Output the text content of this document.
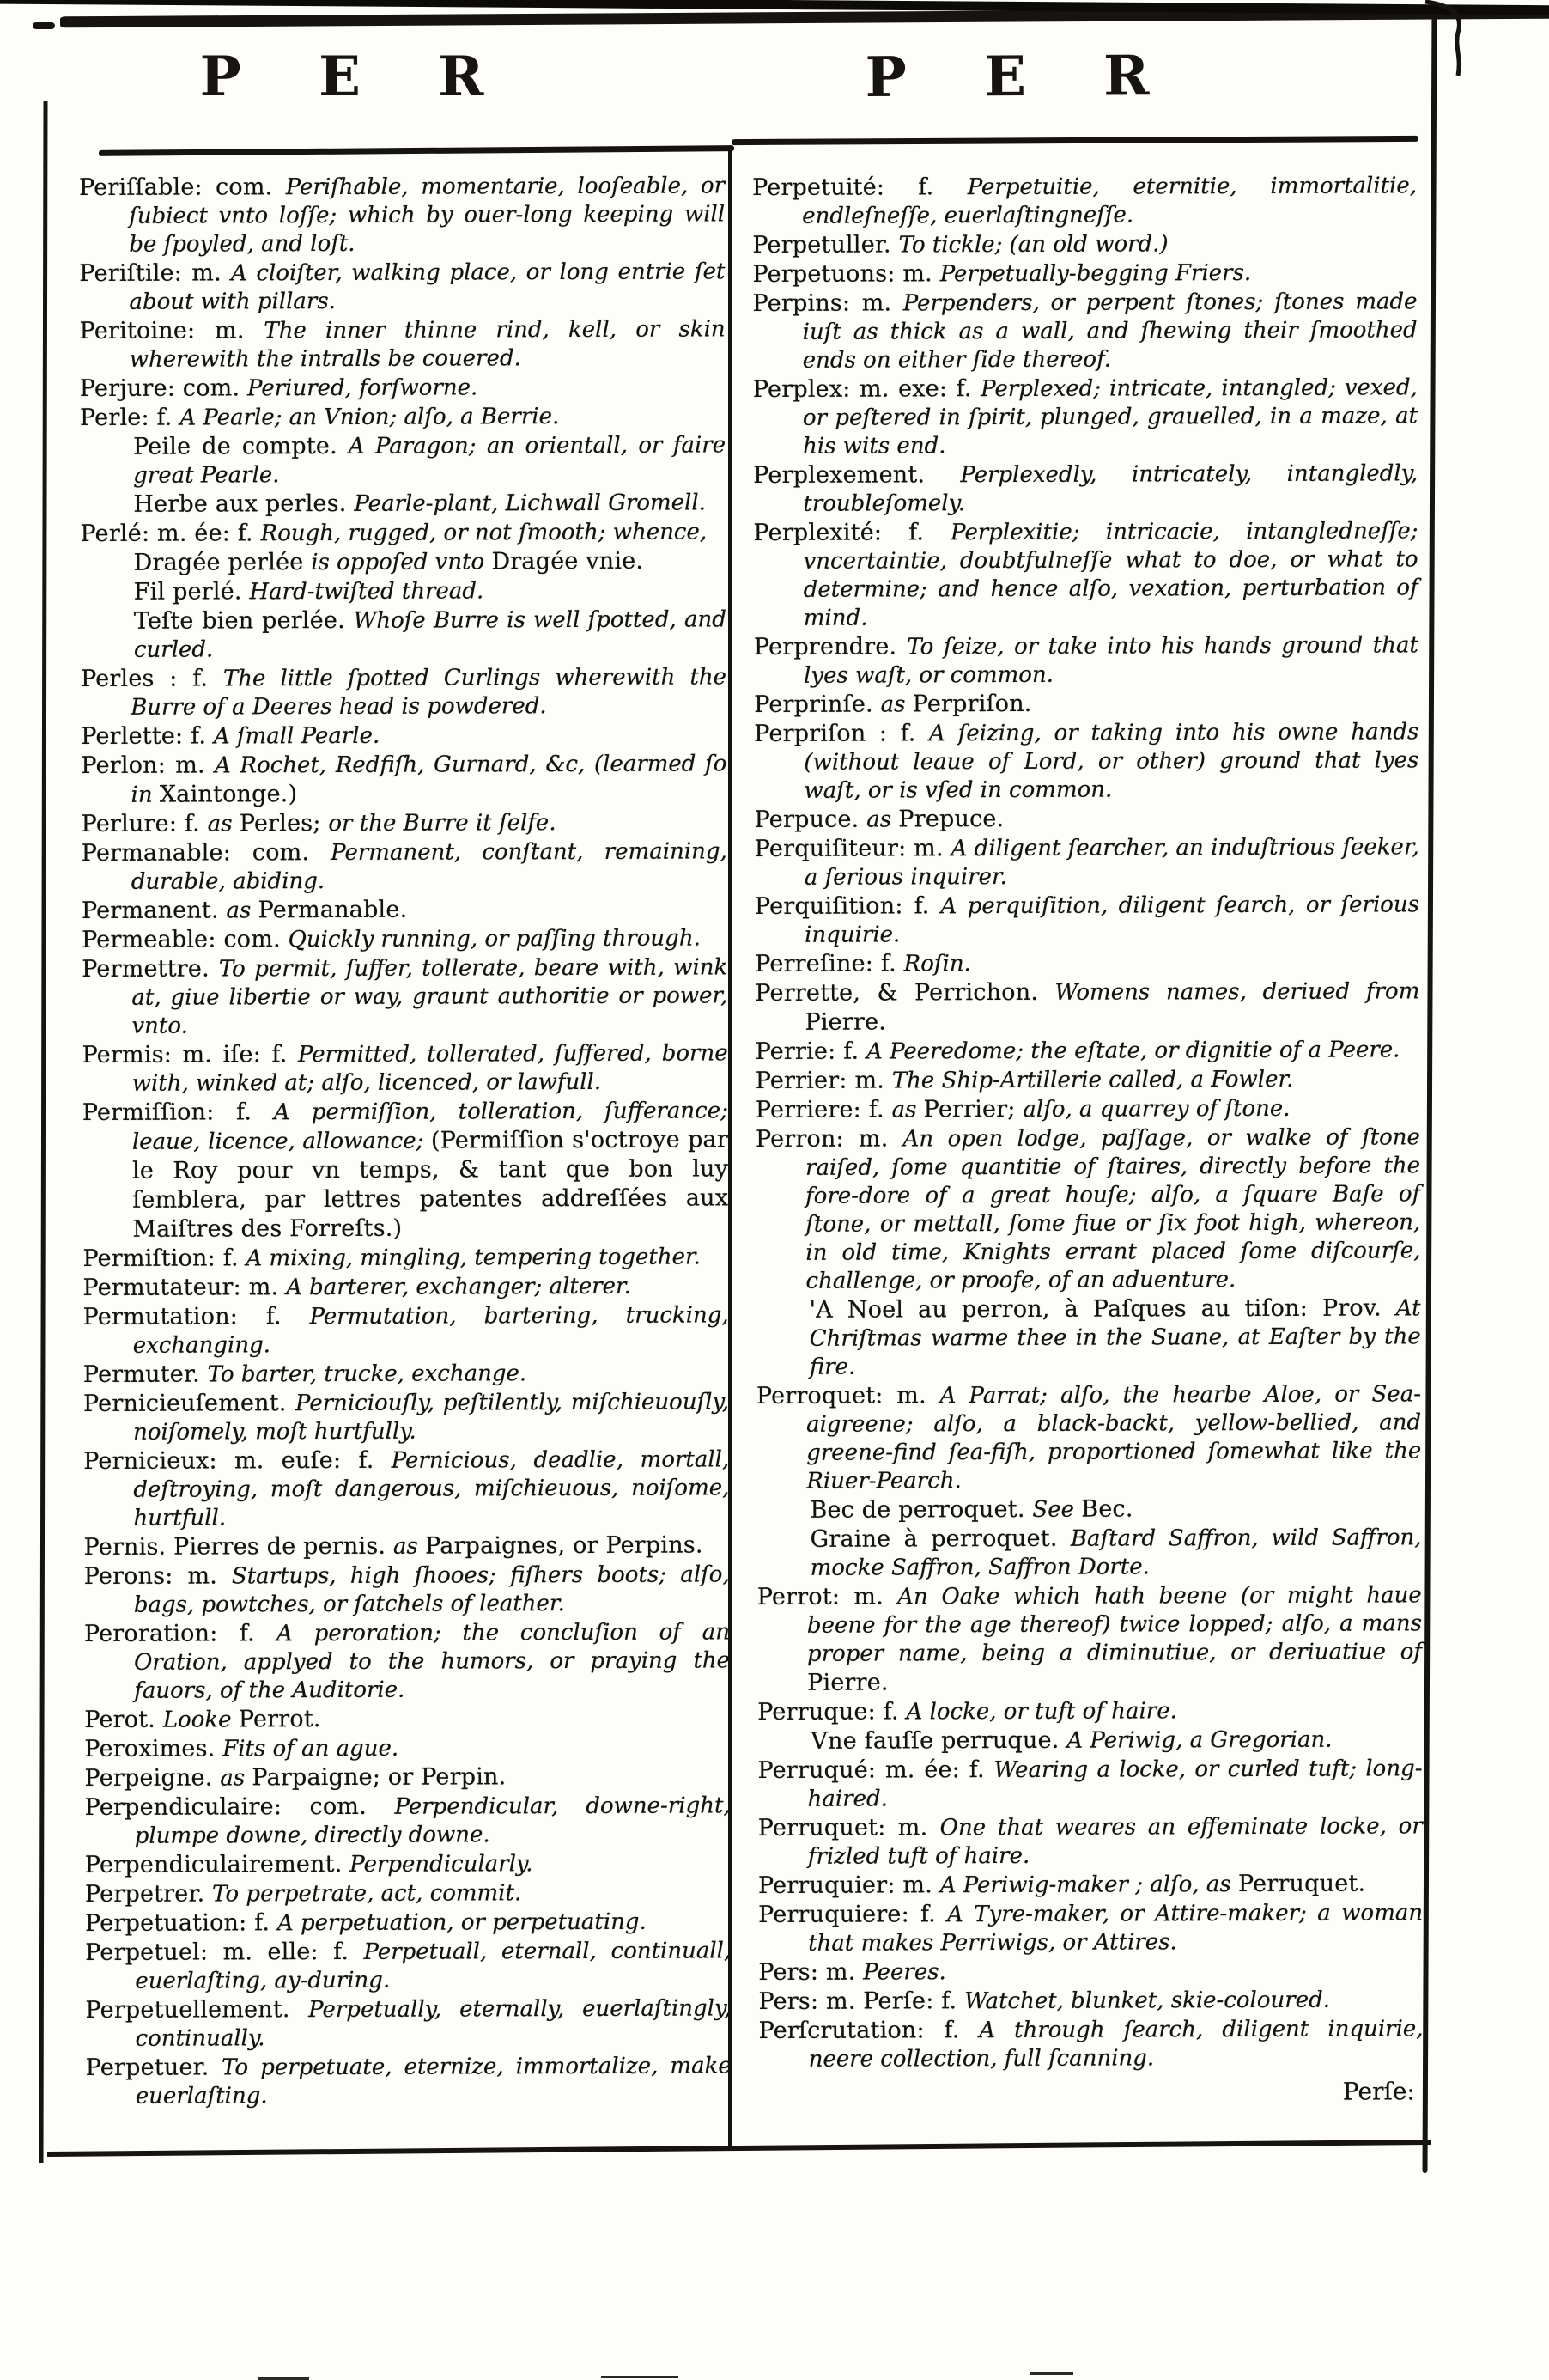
P E R	P E R
Periſſable: com. Periſhable, momentarie, looſeable, or ſubiect vnto loſſe; which by ouer-long keeping will be ſpoyled, and loſt.
Periſtile: m. A cloiſter, walking place, or long entrie ſet about with pillars.
Peritoine: m. The inner thinne rind, kell, or skin wherewith the intralls be couered.
Perjure: com. Periured, forſworne.
Perle: f. A Pearle; an Vnion; alſo, a Berrie.
Peile de compte. A Paragon; an orientall, or faire great Pearle.
Herbe aux perles. Pearle-plant, Lichwall Gromell.
Perlé: m. ée: f. Rough, rugged, or not ſmooth; whence,
Dragée perlée is oppoſed vnto Dragée vnie.
Fil perlé. Hard-twiſted thread.
Teſte bien perlée. Whoſe Burre is well ſpotted, and curled.
Perles : f. The little ſpotted Curlings wherewith the Burre of a Deeres head is powdered.
Perlette: f. A ſmall Pearle.
Perlon: m. A Rochet, Redfiſh, Gurnard, &c, (learmed ſo in Xaintonge.)
Perlure: f. as Perles; or the Burre it ſelfe.
Permanable: com. Permanent, conſtant, remaining, durable, abiding.
Permanent. as Permanable.
Permeable: com. Quickly running, or paſſing through.
Permettre. To permit, ſuffer, tollerate, beare with, wink at, giue libertie or way, graunt authoritie or power, vnto.
Permis: m. iſe: f. Permitted, tollerated, ſuffered, borne with, winked at; alſo, licenced, or lawfull.
Permiſſion: f. A permiſſion, tolleration, ſufferance; leaue, licence, allowance; (Permiſſion s'octroye par le Roy pour vn temps, & tant que bon luy ſemblera, par lettres patentes addreſſées aux Maiſtres des Forreſts.)
Permiſtion: f. A mixing, mingling, tempering together.
Permutateur: m. A barterer, exchanger; alterer.
Permutation: f. Permutation, bartering, trucking, exchanging.
Permuter. To barter, trucke, exchange.
Pernicieuſement. Perniciouſly, peſtilently, miſchieuouſly, noiſomely, moſt hurtfully.
Pernicieux: m. euſe: f. Pernicious, deadlie, mortall, deſtroying, moſt dangerous, miſchieuous, noiſome, hurtfull.
Pernis. Pierres de pernis. as Parpaignes, or Perpins.
Perons: m. Startups, high ſhooes; fiſhers boots; alſo, bags, powtches, or ſatchels of leather.
Peroration: f. A peroration; the concluſion of an Oration, applyed to the humors, or praying the fauors, of the Auditorie.
Perot. Looke Perrot.
Peroximes. Fits of an ague.
Perpeigne. as Parpaigne; or Perpin.
Perpendiculaire: com. Perpendicular, downe-right, plumpe downe, directly downe.
Perpendiculairement. Perpendicularly.
Perpetrer. To perpetrate, act, commit.
Perpetuation: f. A perpetuation, or perpetuating.
Perpetuel: m. elle: f. Perpetuall, eternall, continuall, euerlaſting, ay-during.
Perpetuellement. Perpetually, eternally, euerlaſtingly, continually.
Perpetuer. To perpetuate, eternize, immortalize, make euerlaſting.
Perpetuité: f. Perpetuitie, eternitie, immortalitie, endleſneſſe, euerlaſtingneſſe.
Perpetuller. To tickle; (an old word.)
Perpetuons: m. Perpetually-begging Friers.
Perpins: m. Perpenders, or perpent ſtones; ſtones made iuſt as thick as a wall, and ſhewing their ſmoothed ends on either ſide thereof.
Perplex: m. exe: f. Perplexed; intricate, intangled; vexed, or peſtered in ſpirit, plunged, grauelled, in a maze, at his wits end.
Perplexement. Perplexedly, intricately, intangledly, troubleſomely.
Perplexité: f. Perplexitie; intricacie, intangledneſſe; vncertaintie, doubtfulneſſe what to doe, or what to determine; and hence alſo, vexation, perturbation of mind.
Perprendre. To ſeize, or take into his hands ground that lyes waſt, or common.
Perprinſe. as Perpriſon.
Perpriſon : f. A ſeizing, or taking into his owne hands (without leaue of Lord, or other) ground that lyes waſt, or is vſed in common.
Perpuce. as Prepuce.
Perquiſiteur: m. A diligent ſearcher, an induſtrious ſeeker, a ſerious inquirer.
Perquiſition: f. A perquiſition, diligent ſearch, or ſerious inquirie.
Perreſine: f. Roſin.
Perrette, & Perrichon. Womens names, deriued from Pierre.
Perrie: f. A Peeredome; the eſtate, or dignitie of a Peere.
Perrier: m. The Ship-Artillerie called, a Fowler.
Perriere: f. as Perrier; alſo, a quarrey of ſtone.
Perron: m. An open lodge, paſſage, or walke of ſtone raiſed, ſome quantitie of ſtaires, directly before the fore-dore of a great houſe; alſo, a ſquare Baſe of ſtone, or mettall, ſome fiue or ſix foot high, whereon, in old time, Knights errant placed ſome diſcourſe, challenge, or proofe, of an aduenture.
'A Noel au perron, à Paſques au tiſon: Prov. At Chriſtmas warme thee in the Suane, at Eaſter by the fire.
Perroquet: m. A Parrat; alſo, the hearbe Aloe, or Sea-aigreene; alſo, a black-backt, yellow-bellied, and greene-find ſea-fiſh, proportioned ſomewhat like the Riuer-Pearch.
Bec de perroquet. See Bec.
Graine à perroquet. Baſtard Saffron, wild Saffron, mocke Saffron, Saffron Dorte.
Perrot: m. An Oake which hath beene (or might haue beene for the age thereof) twice lopped; alſo, a mans proper name, being a diminutiue, or deriuatiue of Pierre.
Perruque: f. A locke, or tuft of haire.
Vne fauſſe perruque. A Periwig, a Gregorian.
Perruqué: m. ée: f. Wearing a locke, or curled tuft; long-haired.
Perruquet: m. One that weares an effeminate locke, or frizled tuft of haire.
Perruquier: m. A Periwig-maker ; alſo, as Perruquet.
Perruquiere: f. A Tyre-maker, or Attire-maker; a woman that makes Perriwigs, or Attires.
Pers: m. Peeres.
Pers: m. Perſe: f. Watchet, blunket, skie-coloured.
Perſcrutation: f. A through ſearch, diligent inquirie, neere collection, full ſcanning.
Perſe:
